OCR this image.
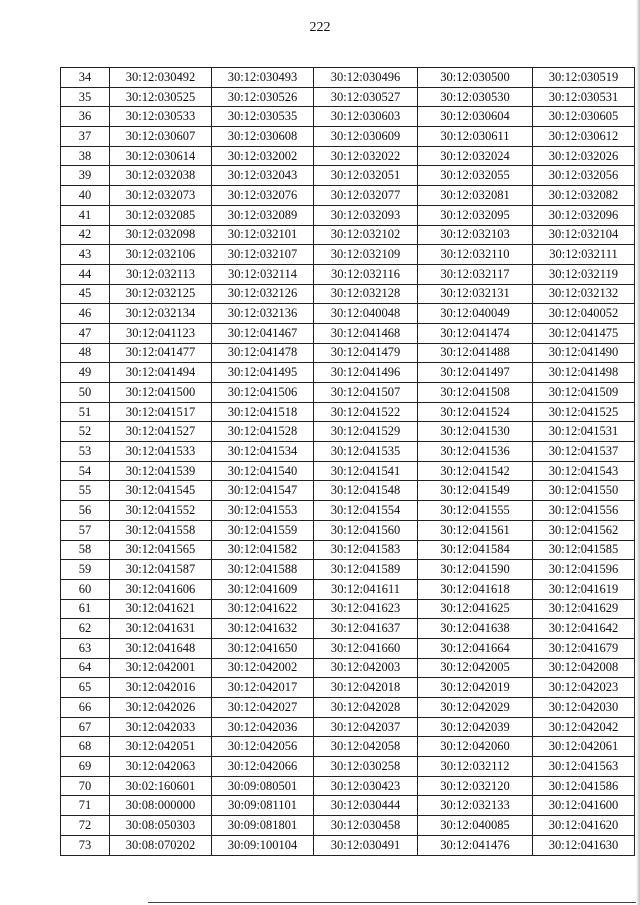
222
34	30:12:030492	30:12:030493	30:12:030496	30:12:030500	30:12:030519
35	30:12:030525	30:12:030526	30:12:030527	30:12:030530	30:12:030531
36	30:12:030533	30:12:030535	30:12:030603	30:12:030604	30:12:030605
37	30:12:030607	30:12:030608	30:12:030609	30:12:030611	30:12:030612
38	30:12:030614	30:12:032002	30:12:032022	30:12:032024	30:12:032026
39	30:12:032038	30:12:032043	30:12:032051	30:12:032055	30:12:032056
40	30:12:032073	30:12:032076	30:12:032077	30:12:032081	30:12:032082
41	30:12:032085	30:12:032089	30:12:032093	30:12:032095	30:12:032096
42	30:12:032098	30:12:032101	30:12:032102	30:12:032103	30:12:032104
43	30:12:032106	30:12:032107	30:12:032109	30:12:032110	30:12:032111
44	30:12:032113	30:12:032114	30:12:032116	30:12:032117	30:12:032119
45	30:12:032125	30:12:032126	30:12:032128	30:12:032131	30:12:032132
46	30:12:032134	30:12:032136	30:12:040048	30:12:040049	30:12:040052
47	30:12:041123	30:12:041467	30:12:041468	30:12:041474	30:12:041475
48	30:12:041477	30:12:041478	30:12:041479	30:12:041488	30:12:041490
49	30:12:041494	30:12:041495	30:12:041496	30:12:041497	30:12:041498
50	30:12:041500	30:12:041506	30:12:041507	30:12:041508	30:12:041509
51	30:12:041517	30:12:041518	30:12:041522	30:12:041524	30:12:041525
52	30:12:041527	30:12:041528	30:12:041529	30:12:041530	30:12:041531
53	30:12:041533	30:12:041534	30:12:041535	30:12:041536	30:12:041537
54	30:12:041539	30:12:041540	30:12:041541	30:12:041542	30:12:041543
55	30:12:041545	30:12:041547	30:12:041548	30:12:041549	30:12:041550
56	30:12:041552	30:12:041553	30:12:041554	30:12:041555	30:12:041556
57	30:12:041558	30:12:041559	30:12:041560	30:12:041561	30:12:041562
58	30:12:041565	30:12:041582	30:12:041583	30:12:041584	30:12:041585
59	30:12:041587	30:12:041588	30:12:041589	30:12:041590	30:12:041596
60	30:12:041606	30:12:041609	30:12:041611	30:12:041618	30:12:041619
61	30:12:041621	30:12:041622	30:12:041623	30:12:041625	30:12:041629
62	30:12:041631	30:12:041632	30:12:041637	30:12:041638	30:12:041642
63	30:12:041648	30:12:041650	30:12:041660	30:12:041664	30:12:041679
64	30:12:042001	30:12:042002	30:12:042003	30:12:042005	30:12:042008
65	30:12:042016	30:12:042017	30:12:042018	30:12:042019	30:12:042023
66	30:12:042026	30:12:042027	30:12:042028	30:12:042029	30:12:042030
67	30:12:042033	30:12:042036	30:12:042037	30:12:042039	30:12:042042
68	30:12:042051	30:12:042056	30:12:042058	30:12:042060	30:12:042061
69	30:12:042063	30:12:042066	30:12:030258	30:12:032112	30:12:041563
70	30:02:160601	30:09:080501	30:12:030423	30:12:032120	30:12:041586
71	30:08:000000	30:09:081101	30:12:030444	30:12:032133	30:12:041600
72	30:08:050303	30:09:081801	30:12:030458	30:12:040085	30:12:041620
73	30:08:070202	30:09:100104	30:12:030491	30:12:041476	30:12:041630
